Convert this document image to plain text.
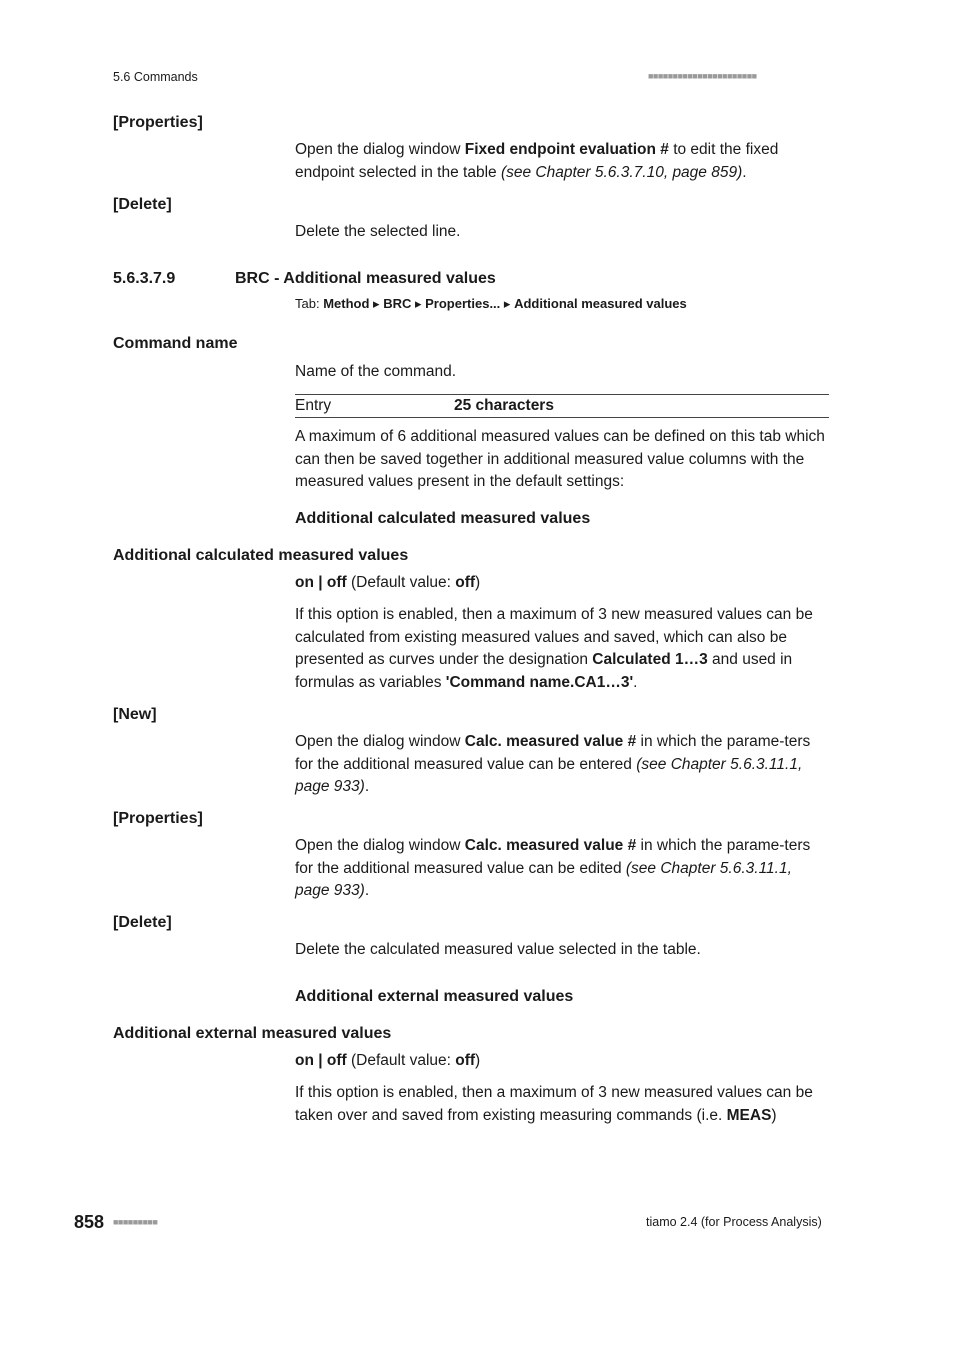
5.6 Commands	■■■■■■■■■■■■■■■■■■■■■■
[Properties]
Open the dialog window Fixed endpoint evaluation # to edit the fixed endpoint selected in the table (see Chapter 5.6.3.7.10, page 859).
[Delete]
Delete the selected line.
5.6.3.7.9	BRC - Additional measured values
Tab: Method ▸ BRC ▸ Properties... ▸ Additional measured values
Command name
Name of the command.
Entry	25 characters
A maximum of 6 additional measured values can be defined on this tab which can then be saved together in additional measured value columns with the measured values present in the default settings:
Additional calculated measured values
Additional calculated measured values
on | off (Default value: off)
If this option is enabled, then a maximum of 3 new measured values can be calculated from existing measured values and saved, which can also be presented as curves under the designation Calculated 1…3 and used in formulas as variables 'Command name.CA1…3'.
[New]
Open the dialog window Calc. measured value # in which the parame-ters for the additional measured value can be entered (see Chapter 5.6.3.11.1, page 933).
[Properties]
Open the dialog window Calc. measured value # in which the parame-ters for the additional measured value can be edited (see Chapter 5.6.3.11.1, page 933).
[Delete]
Delete the calculated measured value selected in the table.
Additional external measured values
Additional external measured values
on | off (Default value: off)
If this option is enabled, then a maximum of 3 new measured values can be taken over and saved from existing measuring commands (i.e. MEAS)
858 ■■■■■■■■■	tiamo 2.4 (for Process Analysis)
